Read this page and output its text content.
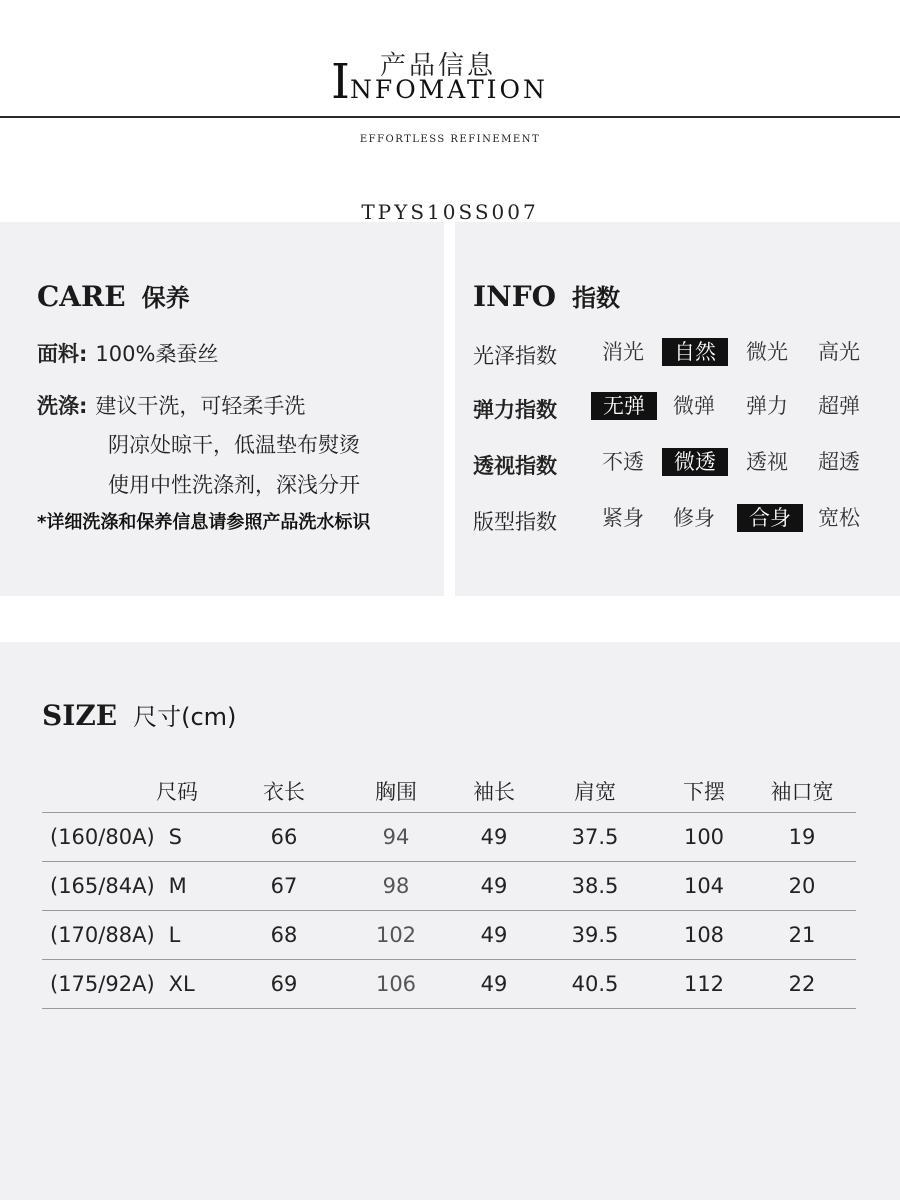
产品信息
INFOMATION
EFFORTLESS REFINEMENT
TPYS10SS007
CARE 保养
面料: 100%桑蚕丝
洗涤: 建议干洗，可轻柔手洗
阴凉处晾干，低温垫布熨烫
使用中性洗涤剂，深浅分开
*详细洗涤和保养信息请参照产品洗水标识
INFO 指数
光泽指数 消光	自然	微光	高光
弹力指数	无弹	微弹	弹力	超弹
透视指数 不透	微透	透视	超透
版型指数 紧身	修身	合身	宽松
SIZE 尺寸(cm)
尺码	衣长	胸围	袖长	肩宽	下摆	袖口宽
(160/80A) S	66	94	49	37.5	100	19
(165/84A) M	67	98	49	38.5	104	20
(170/88A) L	68	102	49	39.5	108	21
(175/92A) XL	69	106	49	40.5	112	22
